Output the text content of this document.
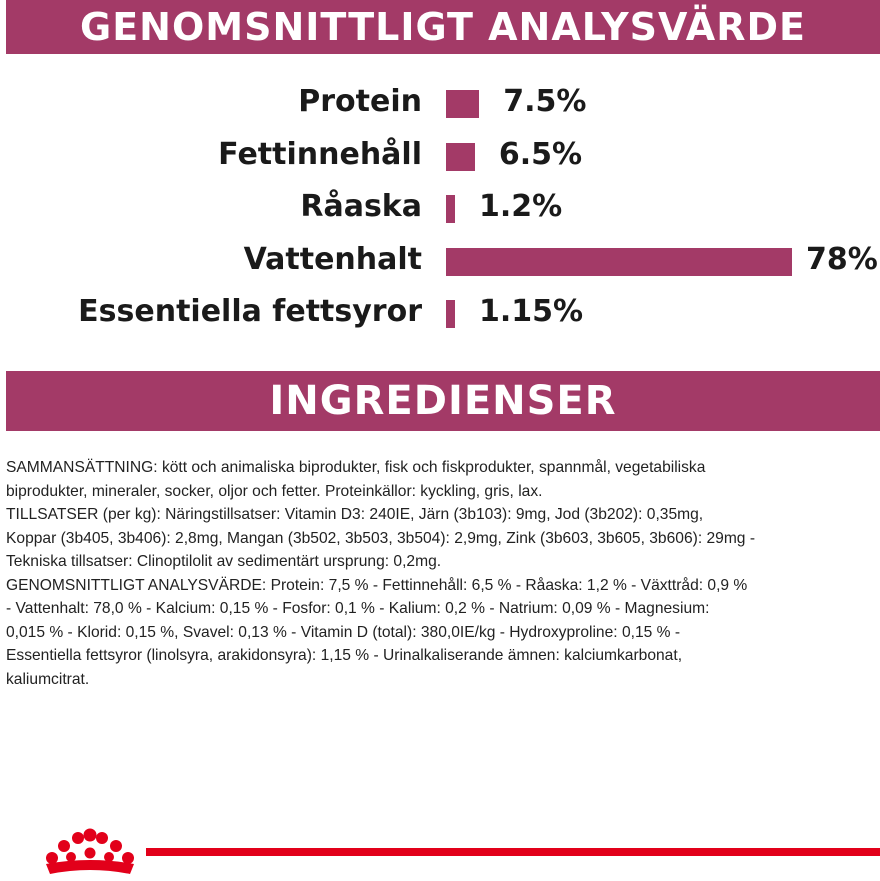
GENOMSNITTLIGT ANALYSVÄRDE
Protein	7.5%
Fettinnehåll	6.5%
Råaska 1.2%
Vattenhalt	78%
Essentiella fettsyror 1.15%
INGREDIENSER

SAMMANSÄTTNING: kött och animaliska biprodukter, fisk och fiskprodukter, spannmål, vegetabiliska

biprodukter, mineraler, socker, oljor och fetter. Proteinkällor: kyckling, gris, lax.

TILLSATSER (per kg): Näringstillsatser: Vitamin D3: 240IE, Järn (3b103): 9mg, Jod (3b202): 0,35mg,

Koppar (3b405, 3b406): 2,8mg, Mangan (3b502, 3b503, 3b504): 2,9mg, Zink (3b603, 3b605, 3b606): 29mg -

Tekniska tillsatser: Clinoptilolit av sedimentärt ursprung: 0,2mg.

GENOMSNITTLIGT ANALYSVÄRDE: Protein: 7,5 % - Fettinnehåll: 6,5 % - Råaska: 1,2 % - Växttråd: 0,9 %

- Vattenhalt: 78,0 % - Kalcium: 0,15 % - Fosfor: 0,1 % - Kalium: 0,2 % - Natrium: 0,09 % - Magnesium:

0,015 % - Klorid: 0,15 %, Svavel: 0,13 % - Vitamin D (total): 380,0IE/kg - Hydroxyproline: 0,15 % -

Essentiella fettsyror (linolsyra, arakidonsyra): 1,15 % - Urinalkaliserande ämnen: kalciumkarbonat,

kaliumcitrat.
